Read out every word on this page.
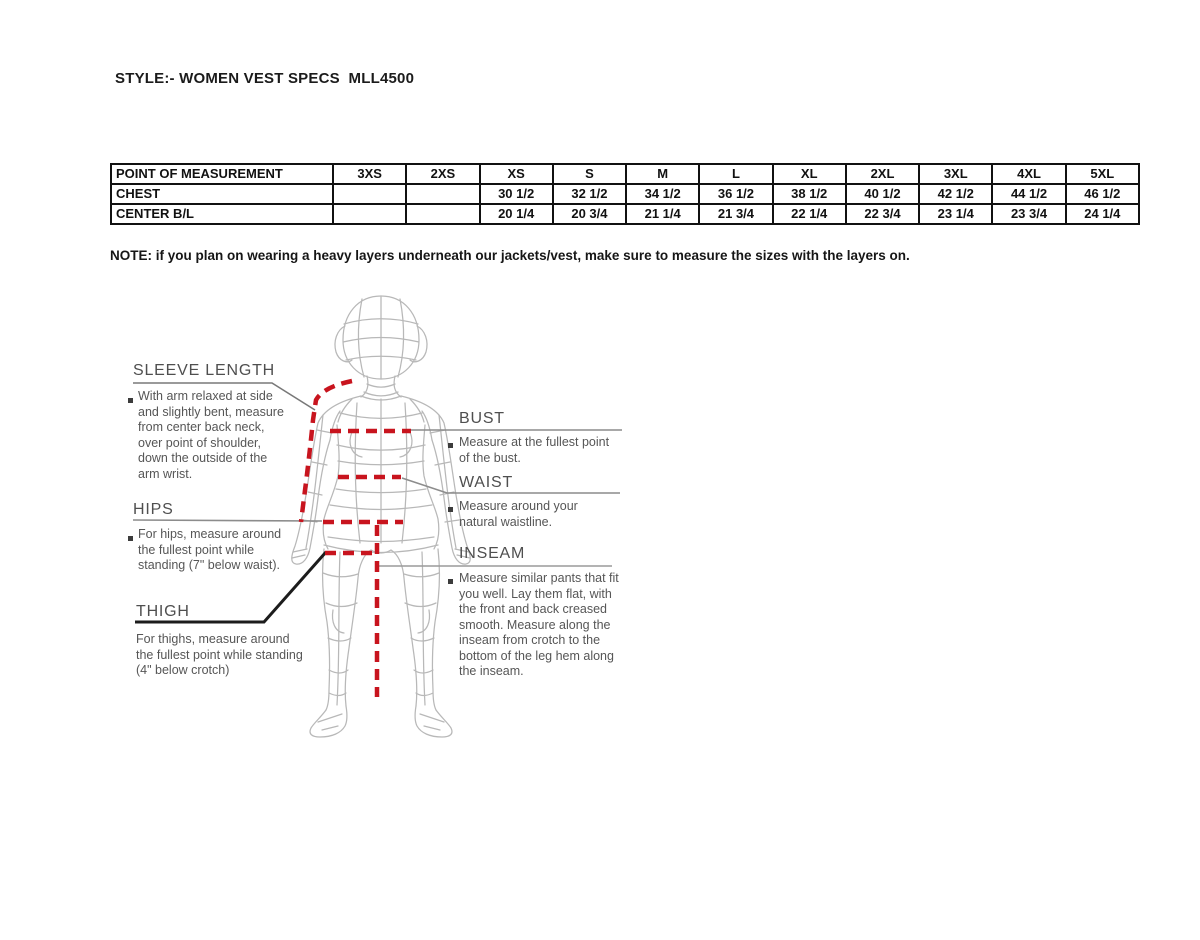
STYLE:- WOMEN VEST SPECS  MLL4500
POINT OF MEASUREMENT	3XS	2XS	XS	S	M	L	XL	2XL	3XL	4XL	5XL
CHEST			30 1/2	32 1/2	34 1/2	36 1/2	38 1/2	40 1/2	42 1/2	44 1/2	46 1/2
CENTER B/L			20 1/4	20 3/4	21 1/4	21 3/4	22 1/4	22 3/4	23 1/4	23 3/4	24 1/4
NOTE: if you plan on wearing a heavy layers underneath our jackets/vest, make sure to measure the sizes with the layers on.
SLEEVE LENGTH
With arm relaxed at side and slightly bent, measure from center back neck, over point of shoulder, down the outside of the arm wrist.
HIPS
For hips, measure around the fullest point while standing (7" below waist).
THIGH
For thighs, measure around the fullest point while standing (4" below crotch)
BUST
Measure at the fullest point of the bust.
WAIST
Measure around your natural waistline.
INSEAM
Measure similar pants that fit you well. Lay them flat, with the front and back creased smooth. Measure along the inseam from crotch to the bottom of the leg hem along the inseam.
